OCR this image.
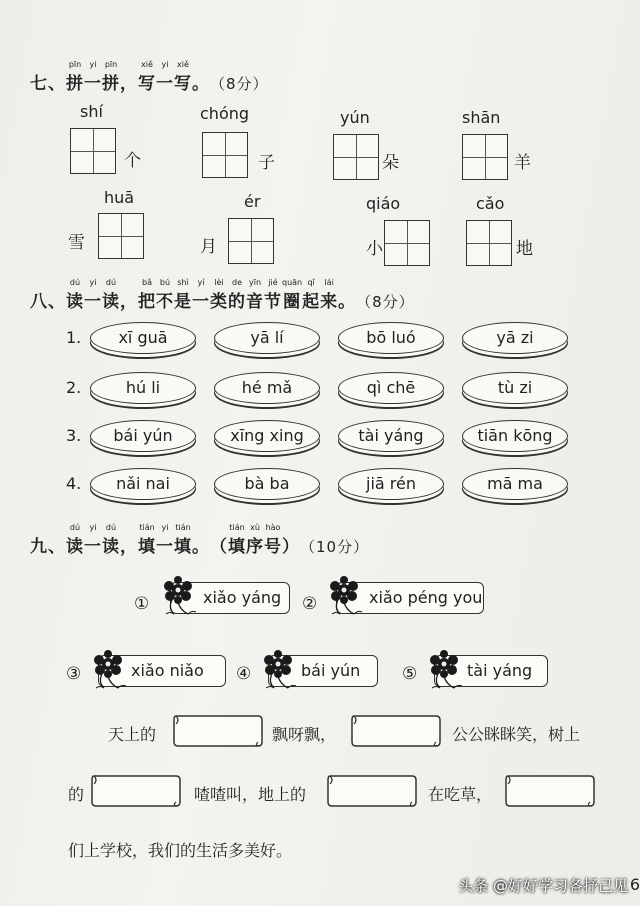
七
、
pīn
拼
yi
一
pīn
拼
，
xiě
写
yi
一
xiě
写
。（8分）
shí
个
chóng
子
yún
朵
shān
羊
huā
雪
ér
月
qiáo
小
cǎo
地
八
、
dú
读
yi
一
dú
读
，
bǎ
把
bú
不
shì
是
yí
一
lèi
类
de
的
yīn
音
jié
节
quān
圈
qǐ
起
lái
来
。（8分）
1.	xī guā	yā lí	bō luó	yā zi
2.	hú li	hé mǎ	qì chē	tù zi
3.	bái yún	xīng xing	tài yáng	tiān kōng
4.	nǎi nai	bà ba	jiā rén	mā ma
九
、
dú
读
yi
一
dú
读
，
tián
填
yi
一
tián
填
。
（
tián
填
xù
序
hào
号
）（10分）
xiǎo yáng
①	xiǎo péng you
②
xiǎo niǎo
③	bái yún
④	tài yáng
⑤
天上的	飘呀飘，	公公眯眯笑，树上
的	喳喳叫，地上的	在吃草，
们上学校，我们的生活多美好。
头条 @好好学习各抒己见 6
